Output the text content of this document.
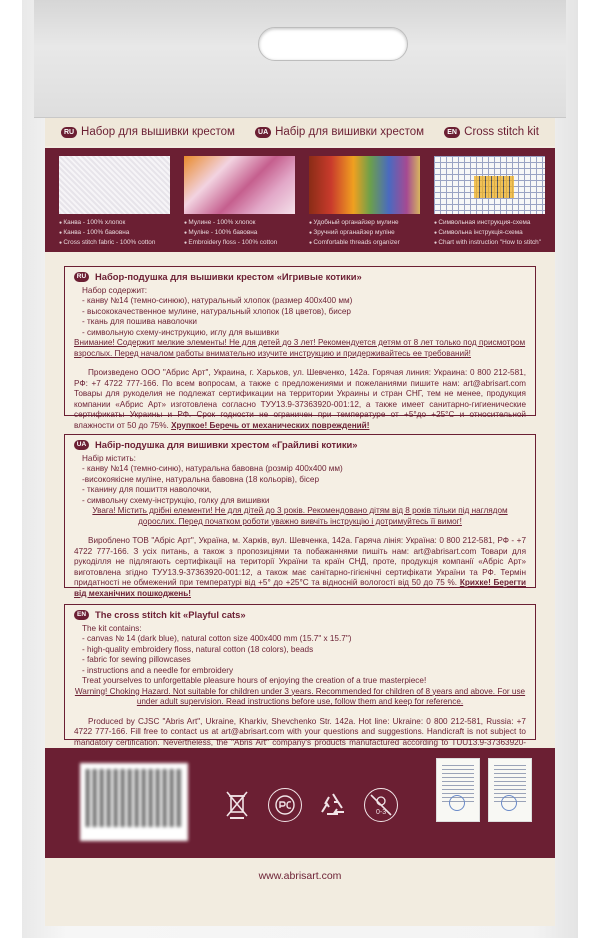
RU Набор для вышивки крестом	UA Набір для вишивки хрестом	EN Cross stitch kit
● Канва - 100% хлопок
● Канва - 100% бавовна
● Cross stitch fabric - 100% cotton
● Мулине - 100% хлопок
● Муліне - 100% бавовна
● Embroidery floss - 100% cotton
● Удобный органайзер мулине
● Зручний органайзер муліне
● Comfortable threads organizer
● Символьная инструкция-схема
● Символьна інструкція-схема
● Chart with instruction "How to stitch"
RU Набор-подушка для вышивки крестом «Игривые котики»
Набор содержит:
- канву №14 (темно-синюю), натуральный хлопок (размер 400х400 мм)
- высококачественное мулине, натуральный хлопок (18 цветов), бисер
- ткань для пошива наволочки
- символьную схему-инструкцию, иглу для вышивки
Внимание! Содержит мелкие элементы! Не для детей до 3 лет! Рекомендуется детям от 8 лет только под присмотром взрослых. Перед началом работы внимательно изучите инструкцию и придерживайтесь ее требований!
Произведено ООО "Абрис Арт", Украина, г. Харьков, ул. Шевченко, 142а. Горячая линия: Украина: 0 800 212-581, РФ: +7 4722 777-166. По всем вопросам, а также с предложениями и пожеланиями пишите нам: art@abrisart.com Товары для рукоделия не подлежат сертификации на территории Украины и стран СНГ, тем не менее, продукция компании «Абрис Арт» изготовлена согласно ТУУ13.9-37363920-001:12, а также имеет санитарно-гигиенические сертификаты Украины и РФ. Срок годности не ограничен при температуре от +5°до +25°С и относительной влажности от 50 до 75%. Хрупкое! Беречь от механических повреждений!
UA Набір-подушка для вишивки хрестом «Грайливі котики»
Набір містить:
- канву №14 (темно-синю), натуральна бавовна (розмір 400х400 мм)
-високоякісне муліне, натуральна бавовна (18 кольорів), бісер
- тканину для пошиття наволочки,
- символьну схему-інструкцію, голку для вишивки
Увага! Містить дрібні елементи! Не для дітей до 3 років. Рекомендовано дітям від 8 років тільки під наглядом дорослих. Перед початком роботи уважно вивчіть інструкцію і дотримуйтесь її вимог!
Виробленo ТОВ "Абріс Арт", Україна, м. Харків, вул. Шевченка, 142а. Гаряча лінія: Україна: 0 800 212-581, РФ - +7 4722 777-166. З усіх питань, а також з пропозиціями та побажаннями пишіть нам: art@abrisart.com Товари для рукоділля не підлягають сертифікації на території України та країн СНД, проте, продукція компанії «Абріс Арт» виготовлена згідно ТУУ13.9-37363920-001:12, а також має санітарно-гігієнічні сертифікати України та РФ. Термін придатності не обмежений при температурі від +5° до +25°С та відносній вологості від 50 до 75 %. Крихке! Берегти від механічних пошкоджень!
EN The cross stitch kit «Playful cats»
The kit contains:
- canvas № 14 (dark blue), natural cotton size 400x400 mm (15.7" x 15.7")
- high-quality embroidery floss, natural cotton (18 colors), beads
- fabric for sewing pillowcases
- instructions and a needle for embroidery
Treat yourselves to unforgettable pleasure hours of enjoying the creation of a true masterpiece!
Warning! Choking Hazard. Not suitable for children under 3 years. Recommended for children of 8 years and above. For use under adult supervision. Read instructions before use, follow them and keep for reference.
Produced by CJSC "Abris Art", Ukraine, Kharkiv, Shevchenko Str. 142a. Hot line: Ukraine: 0 800 212-581, Russia: +7 4722 777-166. Fill free to contact us at art@abrisart.com with your questions and suggestions. Handicraft is not subject to mandatory certification. Nevertheless, the "Abris Art" company's products manufactured according to TUU13.9-37363920-
0-3
www.abrisart.com
